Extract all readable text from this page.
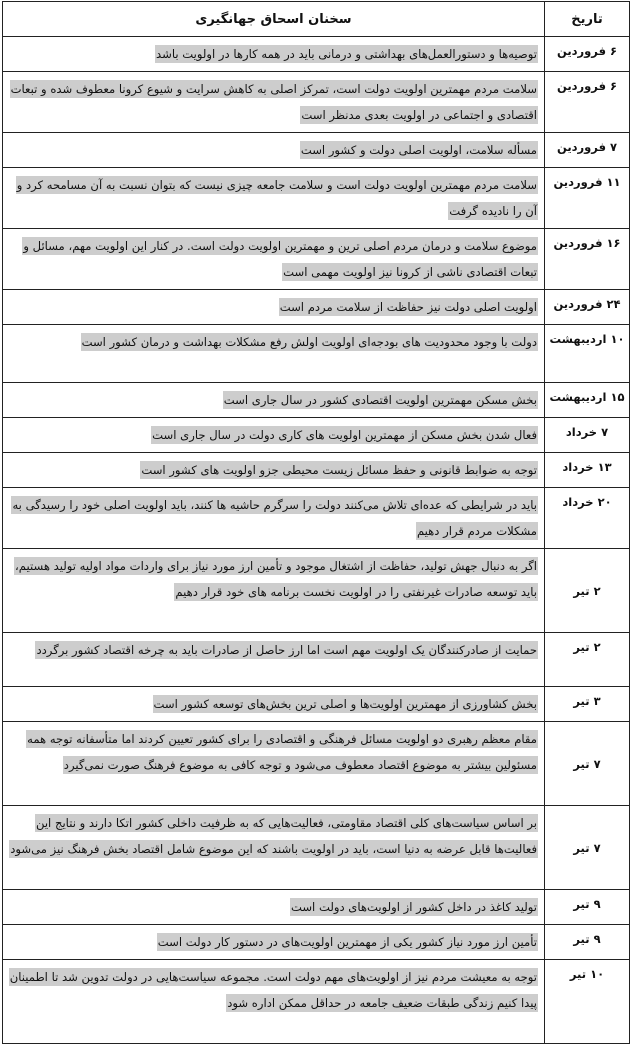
تاریخ	سخنان اسحاق جهانگیری
۶ فروردین	توصیه‌ها و دستورالعمل‌های بهداشتی و درمانی باید در همه کارها در اولویت باشد
۶ فروردین	سلامت مردم مهمترین اولویت دولت است، تمرکز اصلی به کاهش سرایت و شیوع کرونا معطوف شده و تبعات اقتصادی و اجتماعی در اولویت بعدی مدنظر است
۷ فروردین	مسأله سلامت، اولویت اصلی دولت و کشور است
۱۱ فروردین	سلامت مردم مهمترین اولویت دولت است و سلامت جامعه چیزی نیست که بتوان نسبت به آن مسامحه کرد و آن را نادیده گرفت
۱۶ فروردین	موضوع سلامت و درمان مردم اصلی ترین و مهمترین اولویت دولت است. در کنار این اولویت مهم، مسائل و تبعات اقتصادی ناشی از کرونا نیز اولویت مهمی است
۲۴ فروردین	اولویت اصلی دولت نیز حفاظت از سلامت مردم است
۱۰ اردیبهشت	دولت با وجود محدودیت های بودجه‌ای اولویت اولش رفع مشکلات بهداشت و درمان کشور است
۱۵ اردیبهشت	بخش مسکن مهمترین اولویت اقتصادی کشور در سال جاری است
۷ خرداد	فعال شدن بخش مسکن از مهمترین اولویت های کاری دولت در سال جاری است
۱۳ خرداد	توجه به ضوابط قانونی و حفظ مسائل زیست محیطی جزو اولویت های کشور است
۲۰ خرداد	باید در شرایطی که عده‌ای تلاش می‌کنند دولت را سرگرم حاشیه ها کنند، باید اولویت اصلی خود را رسیدگی به مشکلات مردم قرار دهیم
۲ تیر	اگر به دنبال جهش تولید، حفاظت از اشتغال موجود و تأمین ارز مورد نیاز برای واردات مواد اولیه تولید هستیم، باید توسعه صادرات غیرنفتی را در اولویت نخست برنامه های خود قرار دهیم
۲ تیر	حمایت از صادرکنندگان یک اولویت مهم است اما ارز حاصل از صادرات باید به چرخه اقتصاد کشور برگردد
۳ تیر	بخش کشاورزی از مهمترین اولویت‌ها و اصلی ترین بخش‌های توسعه کشور است
۷ تیر	مقام معظم رهبری دو اولویت مسائل فرهنگی و اقتصادی را برای کشور تعیین کردند اما متأسفانه توجه همه مسئولین بیشتر به موضوع اقتصاد معطوف می‌شود و توجه کافی به موضوع فرهنگ صورت نمی‌گیرد
۷ تیر	بر اساس سیاست‌های کلی اقتصاد مقاومتی، فعالیت‌هایی که به ظرفیت داخلی کشور اتکا دارند و نتایج این فعالیت‌ها قابل عرضه به دنیا است، باید در اولویت باشند که این موضوع شامل اقتصاد بخش فرهنگ نیز می‌شود
۹ تیر	تولید کاغذ در داخل کشور از اولویت‌های دولت است
۹ تیر	تأمین ارز مورد نیاز کشور یکی از مهمترین اولویت‌های در دستور کار دولت است
۱۰ تیر	توجه به معیشت مردم نیز از اولویت‌های مهم دولت است. مجموعه سیاست‌هایی در دولت تدوین شد تا اطمینان پیدا کنیم زندگی طبقات ضعیف جامعه در حداقل ممکن اداره شود
